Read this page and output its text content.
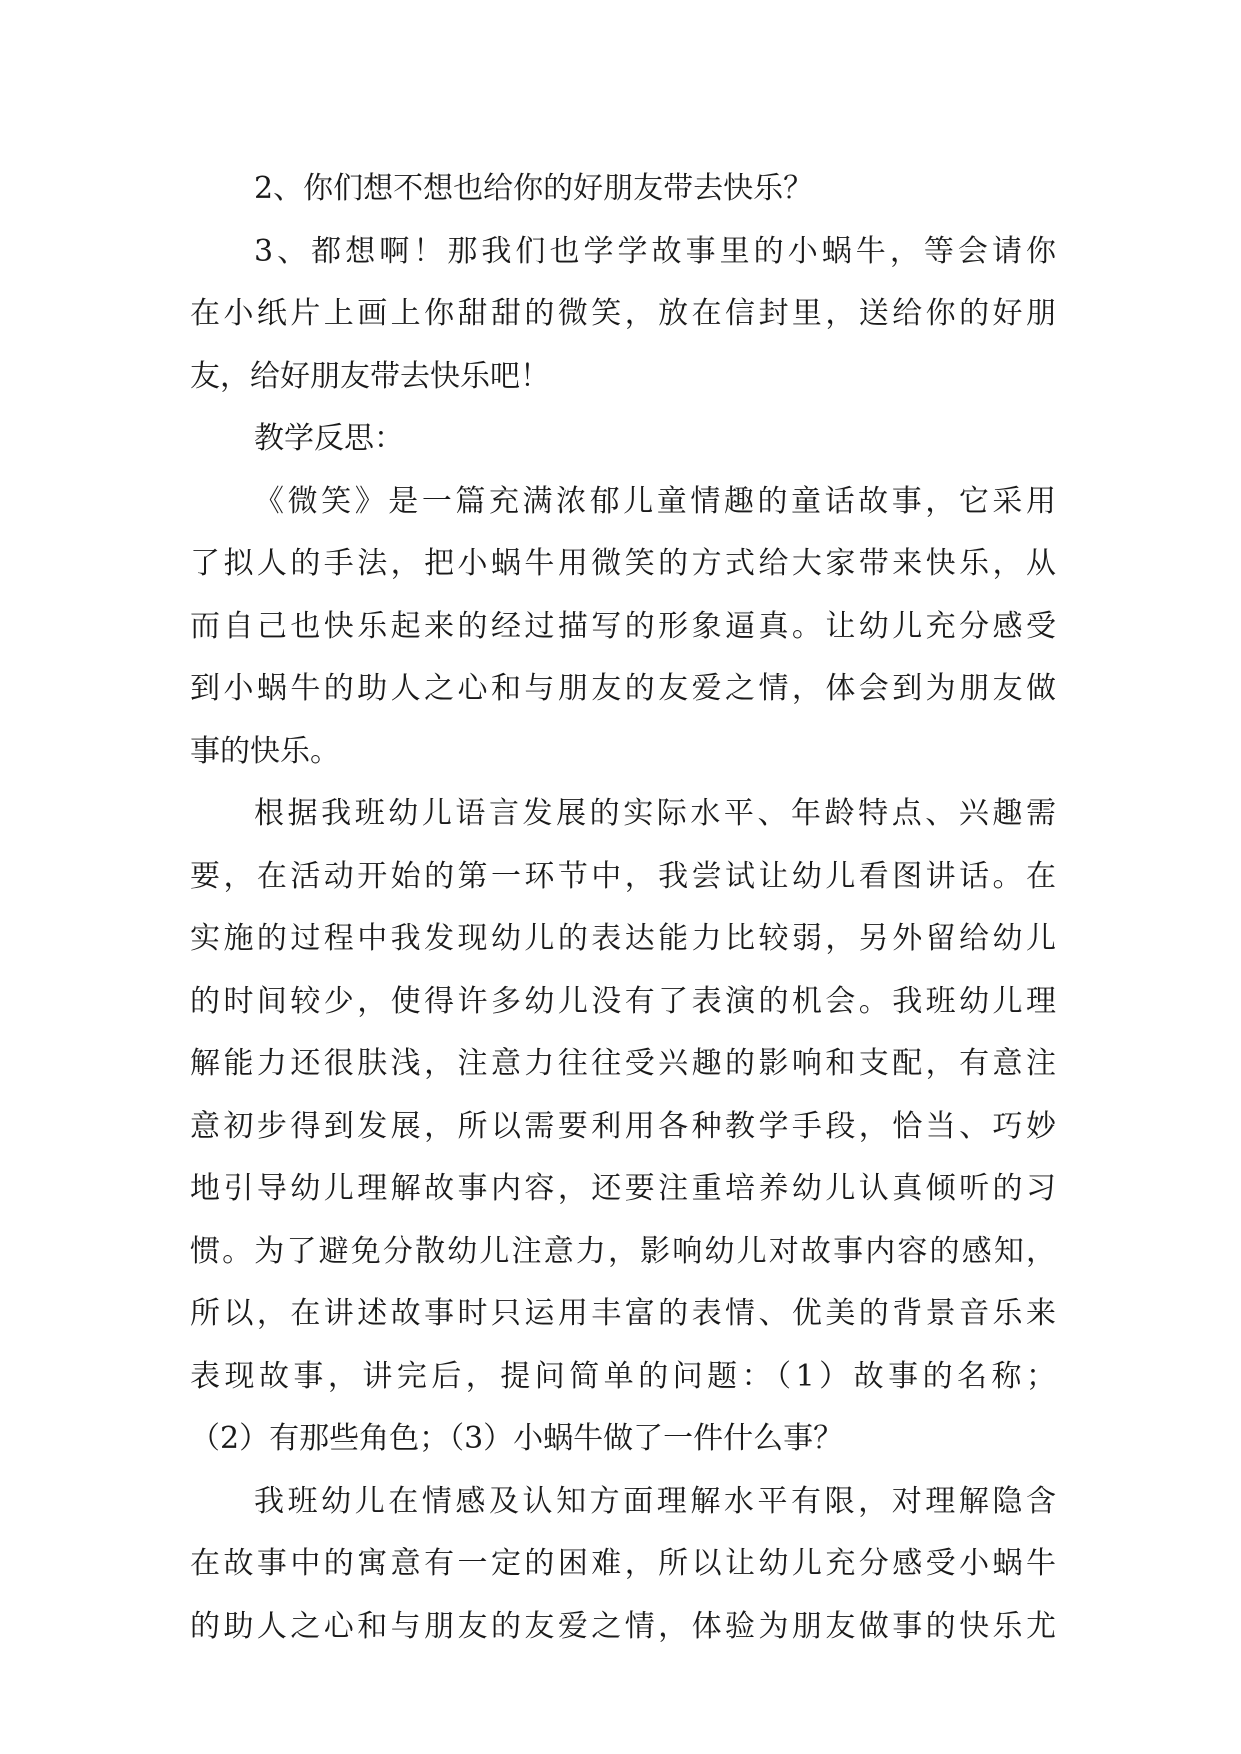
2、你们想不想也给你的好朋友带去快乐？
3、都想啊！那我们也学学故事里的小蜗牛，等会请你
在小纸片上画上你甜甜的微笑，放在信封里，送给你的好朋
友，给好朋友带去快乐吧！
教学反思：
《微笑》是一篇充满浓郁儿童情趣的童话故事，它采用
了拟人的手法，把小蜗牛用微笑的方式给大家带来快乐，从
而自己也快乐起来的经过描写的形象逼真。让幼儿充分感受
到小蜗牛的助人之心和与朋友的友爱之情，体会到为朋友做
事的快乐。
根据我班幼儿语言发展的实际水平、年龄特点、兴趣需
要，在活动开始的第一环节中，我尝试让幼儿看图讲话。在
实施的过程中我发现幼儿的表达能力比较弱，另外留给幼儿
的时间较少，使得许多幼儿没有了表演的机会。我班幼儿理
解能力还很肤浅，注意力往往受兴趣的影响和支配，有意注
意初步得到发展，所以需要利用各种教学手段，恰当、巧妙
地引导幼儿理解故事内容，还要注重培养幼儿认真倾听的习
惯。为了避免分散幼儿注意力，影响幼儿对故事内容的感知，
所以，在讲述故事时只运用丰富的表情、优美的背景音乐来
表现故事，讲完后，提问简单的问题：（1）故事的名称；
（2）有那些角色；（3）小蜗牛做了一件什么事？
我班幼儿在情感及认知方面理解水平有限，对理解隐含
在故事中的寓意有一定的困难，所以让幼儿充分感受小蜗牛
的助人之心和与朋友的友爱之情，体验为朋友做事的快乐尤
